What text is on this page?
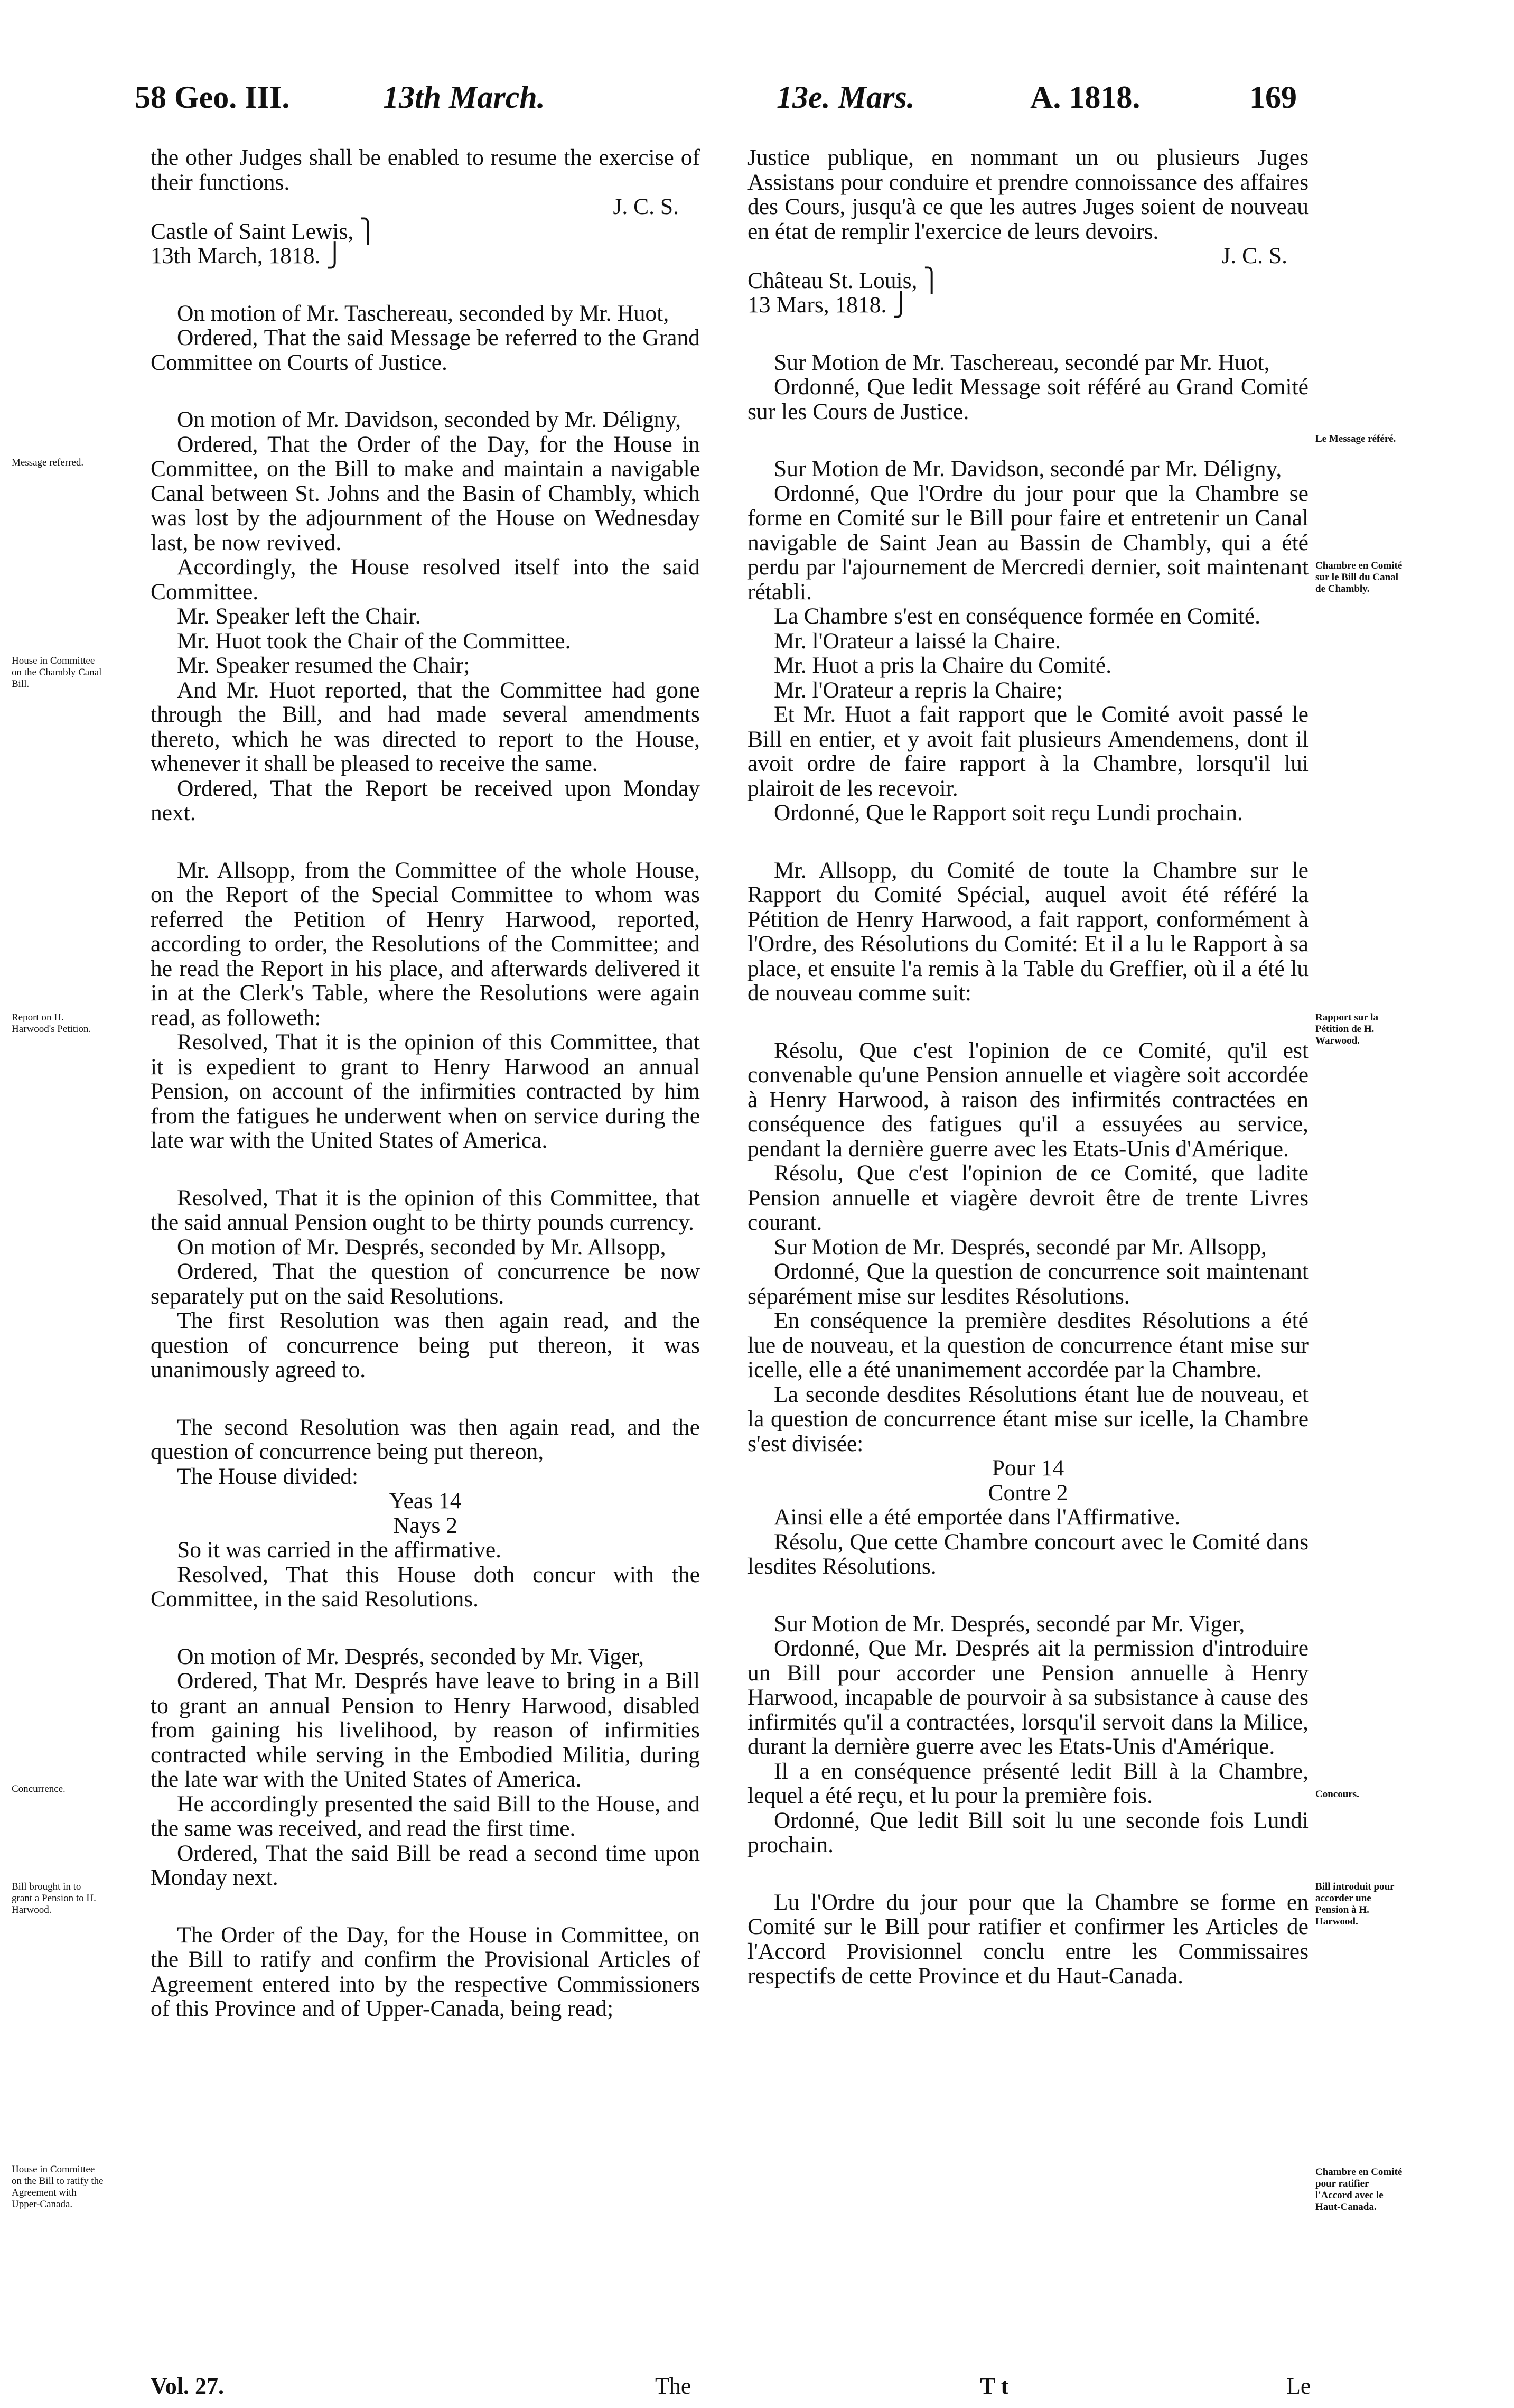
58 Geo. III.	13th March.	13e. Mars.	A. 1818.	169

the other Judges shall be enabled to resume the exercise of their functions.

J. C. S.

Castle of Saint Lewis, ⎫

13th March, 1818. ⎭

On motion of Mr. Taschereau, seconded by Mr. Huot,

Ordered, That the said Message be referred to the Grand Committee on Courts of Justice.

On motion of Mr. Davidson, seconded by Mr. Déligny,

Ordered, That the Order of the Day, for the House in Committee, on the Bill to make and maintain a navigable Canal between St. Johns and the Basin of Chambly, which was lost by the adjournment of the House on Wednesday last, be now revived.

Accordingly, the House resolved itself into the said Committee.

Mr. Speaker left the Chair.

Mr. Huot took the Chair of the Committee.

Mr. Speaker resumed the Chair;

And Mr. Huot reported, that the Committee had gone through the Bill, and had made several amendments thereto, which he was directed to report to the House, whenever it shall be pleased to receive the same.

Ordered, That the Report be received upon Monday next.

Mr. Allsopp, from the Committee of the whole House, on the Report of the Special Committee to whom was referred the Petition of Henry Harwood, reported, according to order, the Resolutions of the Committee; and he read the Report in his place, and afterwards delivered it in at the Clerk's Table, where the Resolutions were again read, as followeth:

Resolved, That it is the opinion of this Committee, that it is expedient to grant to Henry Harwood an annual Pension, on account of the infirmities contracted by him from the fatigues he underwent when on service during the late war with the United States of America.

Resolved, That it is the opinion of this Committee, that the said annual Pension ought to be thirty pounds currency.

On motion of Mr. Després, seconded by Mr. Allsopp,

Ordered, That the question of concurrence be now separately put on the said Resolutions.

The first Resolution was then again read, and the question of concurrence being put thereon, it was unanimously agreed to.

The second Resolution was then again read, and the question of concurrence being put thereon,

The House divided:

Yeas 14

Nays 2

So it was carried in the affirmative.

Resolved, That this House doth concur with the Committee, in the said Resolutions.

On motion of Mr. Després, seconded by Mr. Viger,

Ordered, That Mr. Després have leave to bring in a Bill to grant an annual Pension to Henry Harwood, disabled from gaining his livelihood, by reason of infirmities contracted while serving in the Embodied Militia, during the late war with the United States of America.

He accordingly presented the said Bill to the House, and the same was received, and read the first time.

Ordered, That the said Bill be read a second time upon Monday next.

The Order of the Day, for the House in Committee, on the Bill to ratify and confirm the Provisional Articles of Agreement entered into by the respective Commissioners of this Province and of Upper-Canada, being read;

Justice publique, en nommant un ou plusieurs Juges Assistans pour conduire et prendre connoissance des affaires des Cours, jusqu'à ce que les autres Juges soient de nouveau en état de remplir l'exercice de leurs devoirs.

J. C. S.

Château St. Louis, ⎫

13 Mars, 1818. ⎭

Sur Motion de Mr. Taschereau, secondé par Mr. Huot,

Ordonné, Que ledit Message soit référé au Grand Comité sur les Cours de Justice.

Sur Motion de Mr. Davidson, secondé par Mr. Déligny,

Ordonné, Que l'Ordre du jour pour que la Chambre se forme en Comité sur le Bill pour faire et entretenir un Canal navigable de Saint Jean au Bassin de Chambly, qui a été perdu par l'ajournement de Mercredi dernier, soit maintenant rétabli.

La Chambre s'est en conséquence formée en Comité.

Mr. l'Orateur a laissé la Chaire.

Mr. Huot a pris la Chaire du Comité.

Mr. l'Orateur a repris la Chaire;

Et Mr. Huot a fait rapport que le Comité avoit passé le Bill en entier, et y avoit fait plusieurs Amendemens, dont il avoit ordre de faire rapport à la Chambre, lorsqu'il lui plairoit de les recevoir.

Ordonné, Que le Rapport soit reçu Lundi prochain.

Mr. Allsopp, du Comité de toute la Chambre sur le Rapport du Comité Spécial, auquel avoit été référé la Pétition de Henry Harwood, a fait rapport, conformément à l'Ordre, des Résolutions du Comité: Et il a lu le Rapport à sa place, et ensuite l'a remis à la Table du Greffier, où il a été lu de nouveau comme suit:

Résolu, Que c'est l'opinion de ce Comité, qu'il est convenable qu'une Pension annuelle et viagère soit accordée à Henry Harwood, à raison des infirmités contractées en conséquence des fatigues qu'il a essuyées au service, pendant la dernière guerre avec les Etats-Unis d'Amérique.

Résolu, Que c'est l'opinion de ce Comité, que ladite Pension annuelle et viagère devroit être de trente Livres courant.

Sur Motion de Mr. Després, secondé par Mr. Allsopp,

Ordonné, Que la question de concurrence soit maintenant séparément mise sur lesdites Résolutions.

En conséquence la première desdites Résolutions a été lue de nouveau, et la question de concurrence étant mise sur icelle, elle a été unanimement accordée par la Chambre.

La seconde desdites Résolutions étant lue de nouveau, et la question de concurrence étant mise sur icelle, la Chambre s'est divisée:

Pour 14

Contre 2

Ainsi elle a été emportée dans l'Affirmative.

Résolu, Que cette Chambre concourt avec le Comité dans lesdites Résolutions.

Sur Motion de Mr. Després, secondé par Mr. Viger,

Ordonné, Que Mr. Després ait la permission d'introduire un Bill pour accorder une Pension annuelle à Henry Harwood, incapable de pourvoir à sa subsistance à cause des infirmités qu'il a contractées, lorsqu'il servoit dans la Milice, durant la dernière guerre avec les Etats-Unis d'Amérique.

Il a en conséquence présenté ledit Bill à la Chambre, lequel a été reçu, et lu pour la première fois.

Ordonné, Que ledit Bill soit lu une seconde fois Lundi prochain.

Lu l'Ordre du jour pour que la Chambre se forme en Comité sur le Bill pour ratifier et confirmer les Articles de l'Accord Provisionnel conclu entre les Commissaires respectifs de cette Province et du Haut-Canada.

Message referred.
House in Committee on the Chambly Canal Bill.
Report on H. Harwood's Petition.
Concurrence.
Bill brought in to grant a Pension to H. Harwood.
House in Committee on the Bill to ratify the Agreement with Upper-Canada.
Le Message référé.
Chambre en Comité sur le Bill du Canal de Chambly.
Rapport sur la Pétition de H. Warwood.
Concours.
Bill introduit pour accorder une Pension à H. Harwood.
Chambre en Comité pour ratifier l'Accord avec le Haut-Canada.
Vol. 27.	The	T t	Le
